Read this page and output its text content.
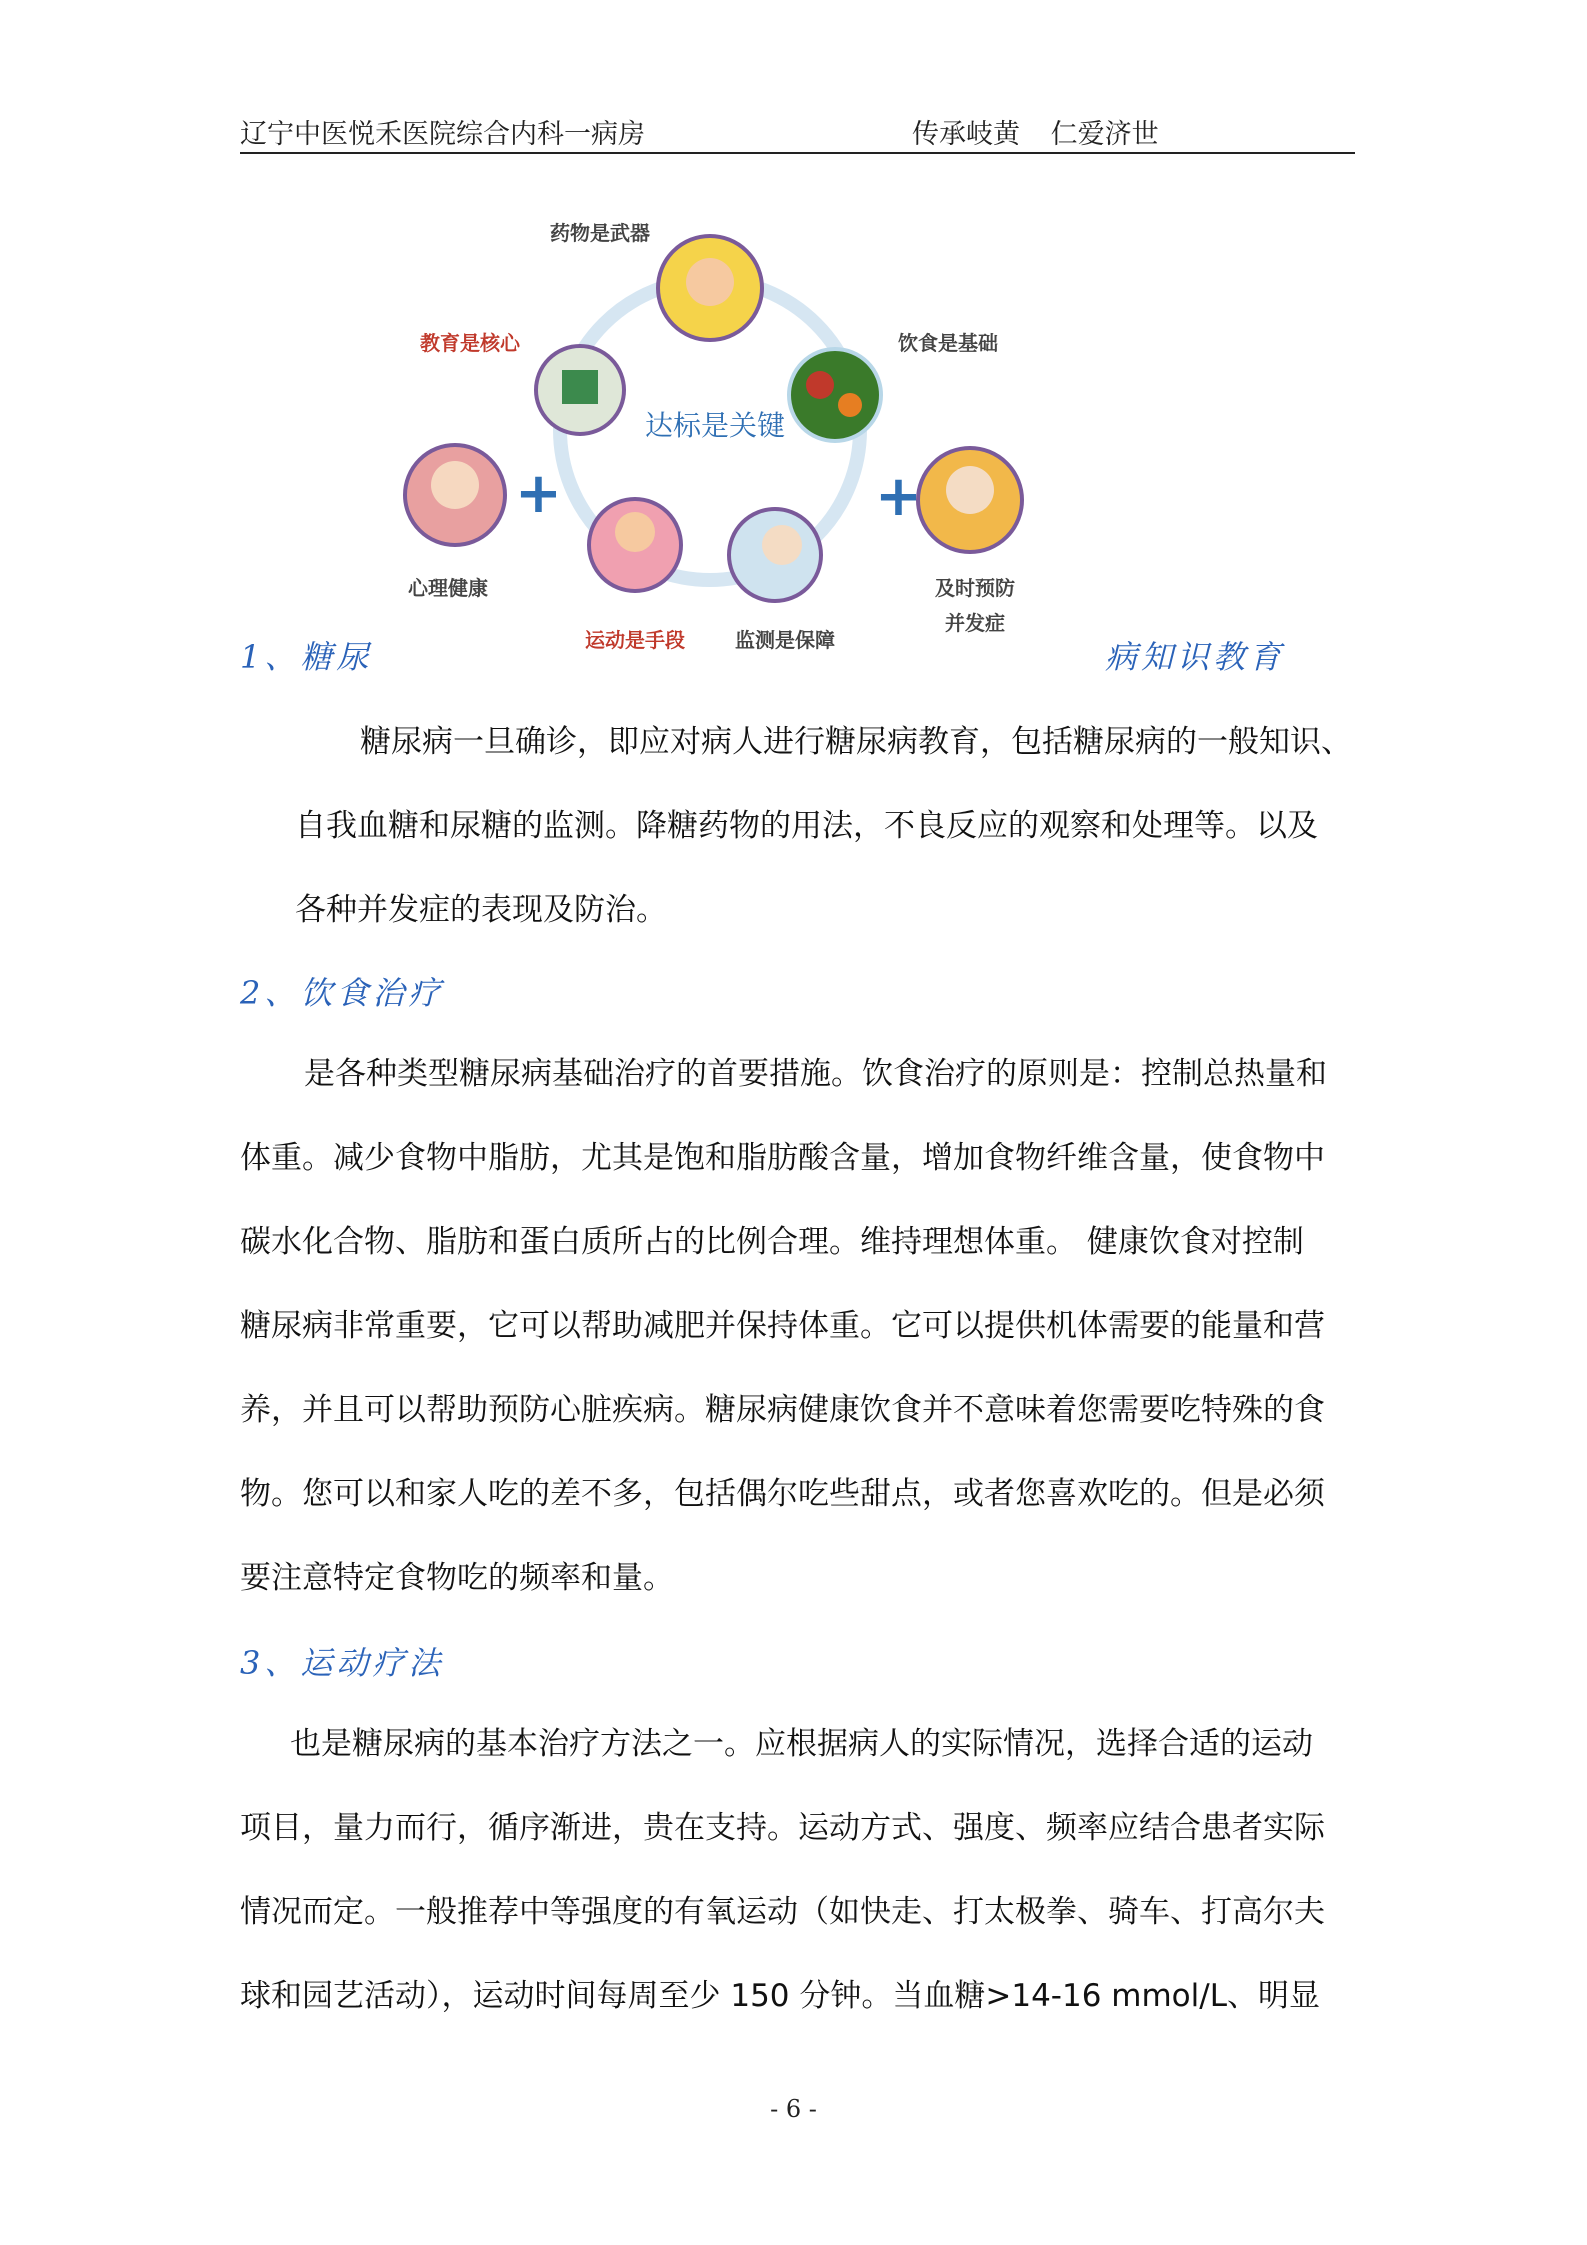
辽宁中医悦禾医院综合内科一病房	传承岐黄 仁爱济世
+	+
药物是武器
饮食是基础
教育是核心
达标是关键
心理健康	及时预防
并发症
运动是手段	监测是保障
1、糖尿	病知识教育
糖尿病一旦确诊，即应对病人进行糖尿病教育，包括糖尿病的一般知识、
自我血糖和尿糖的监测。降糖药物的用法，不良反应的观察和处理等。以及
各种并发症的表现及防治。
2、饮食治疗
是各种类型糖尿病基础治疗的首要措施。饮食治疗的原则是：控制总热量和
体重。减少食物中脂肪，尤其是饱和脂肪酸含量，增加食物纤维含量，使食物中
碳水化合物、脂肪和蛋白质所占的比例合理。维持理想体重。 健康饮食对控制
糖尿病非常重要，它可以帮助减肥并保持体重。它可以提供机体需要的能量和营
养，并且可以帮助预防心脏疾病。糖尿病健康饮食并不意味着您需要吃特殊的食
物。您可以和家人吃的差不多，包括偶尔吃些甜点，或者您喜欢吃的。但是必须
要注意特定食物吃的频率和量。
3、运动疗法
也是糖尿病的基本治疗方法之一。应根据病人的实际情况，选择合适的运动
项目，量力而行，循序渐进，贵在支持。运动方式、强度、频率应结合患者实际
情况而定。一般推荐中等强度的有氧运动（如快走、打太极拳、骑车、打高尔夫
球和园艺活动），运动时间每周至少 150 分钟。当血糖>14-16 mmol/L、明显
- 6 -
